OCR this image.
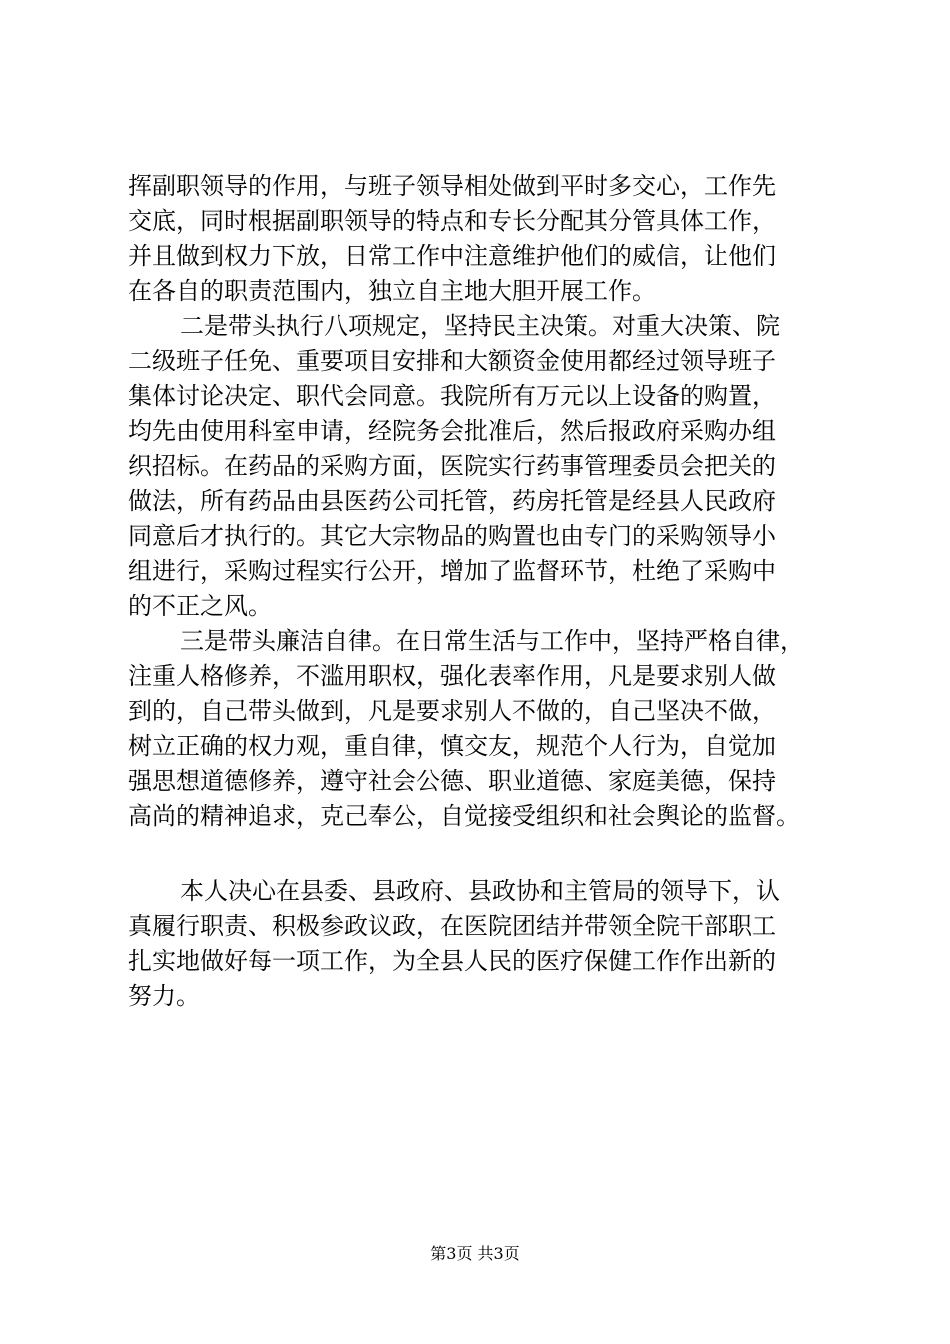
挥副职领导的作用，与班子领导相处做到平时多交心，工作先
交底，同时根据副职领导的特点和专长分配其分管具体工作，
并且做到权力下放，日常工作中注意维护他们的威信，让他们
在各自的职责范围内，独立自主地大胆开展工作。
二是带头执行八项规定，坚持民主决策。对重大决策、院
二级班子任免、重要项目安排和大额资金使用都经过领导班子
集体讨论决定、职代会同意。我院所有万元以上设备的购置，
均先由使用科室申请，经院务会批准后，然后报政府采购办组
织招标。在药品的采购方面，医院实行药事管理委员会把关的
做法，所有药品由县医药公司托管，药房托管是经县人民政府
同意后才执行的。其它大宗物品的购置也由专门的采购领导小
组进行，采购过程实行公开，增加了监督环节，杜绝了采购中
的不正之风。
三是带头廉洁自律。在日常生活与工作中，坚持严格自律，
注重人格修养，不滥用职权，强化表率作用，凡是要求别人做
到的，自己带头做到，凡是要求别人不做的，自己坚决不做，
树立正确的权力观，重自律，慎交友，规范个人行为，自觉加
强思想道德修养，遵守社会公德、职业道德、家庭美德，保持
高尚的精神追求，克己奉公，自觉接受组织和社会舆论的监督。
本人决心在县委、县政府、县政协和主管局的领导下，认
真履行职责、积极参政议政，在医院团结并带领全院干部职工
扎实地做好每一项工作，为全县人民的医疗保健工作作出新的
努力。
第3页 共3页
